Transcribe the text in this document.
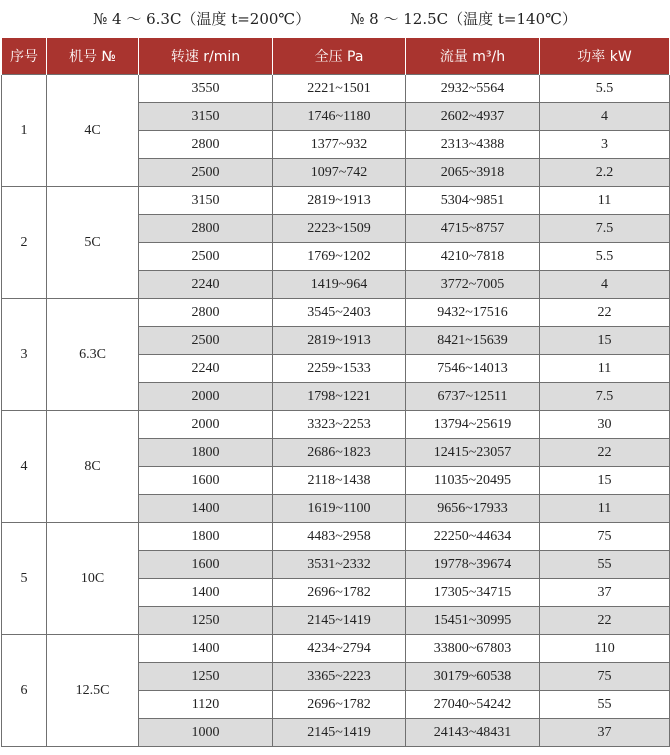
№ 4 ～ 6.3C（温度 t=200℃）	№ 8 ～ 12.5C（温度 t=140℃）
序号	机号 №	转速 r/min	全压 Pa	流量 m³/h	功率 kW
1	4C	3550	2221~1501	2932~5564	5.5
		3150	1746~1180	2602~4937	4
		2800	1377~932	2313~4388	3
		2500	1097~742	2065~3918	2.2
2	5C	3150	2819~1913	5304~9851	11
		2800	2223~1509	4715~8757	7.5
		2500	1769~1202	4210~7818	5.5
		2240	1419~964	3772~7005	4
3	6.3C	2800	3545~2403	9432~17516	22
		2500	2819~1913	8421~15639	15
		2240	2259~1533	7546~14013	11
		2000	1798~1221	6737~12511	7.5
4	8C	2000	3323~2253	13794~25619	30
		1800	2686~1823	12415~23057	22
		1600	2118~1438	11035~20495	15
		1400	1619~1100	9656~17933	11
5	10C	1800	4483~2958	22250~44634	75
		1600	3531~2332	19778~39674	55
		1400	2696~1782	17305~34715	37
		1250	2145~1419	15451~30995	22
6	12.5C	1400	4234~2794	33800~67803	110
		1250	3365~2223	30179~60538	75
		1120	2696~1782	27040~54242	55
		1000	2145~1419	24143~48431	37
